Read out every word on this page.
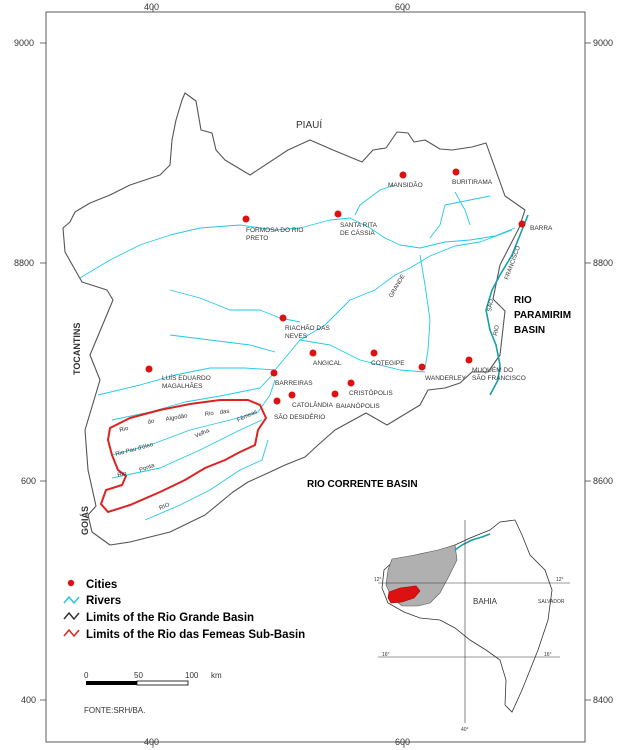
400	600
400	600
9000
8800
600
400
9000
8800
8600
8400
PIAUÍ
TOCANTINS
GOIÁS
RIO
PARAMIRIM
BASIN
RIO CORRENTE BASIN
GRANDE
FRANCISCO
SÃO
RIO
Rio
do Algodão	Rio das Fêmeas
Rio Pau d'óleo
Velha
Rio
Ponta
RIO
MANSIDÃO	BURITIRAMA
FORMOSA DO RIO
PRETO
SANTA RITA
DE CÁSSIA
BARRA
RIACHÃO DAS
NEVES
ANGICAL	COTEGIPE
LUÍS EDUARDO
MAGALHÃES	BARREIRAS
WANDERLEY
MUQUÉM DO
SÃO FRANCISCO
CRISTÓPOLIS
CATOLÂNDIA BAIANÓPOLIS
SÃO DESIDÉRIO
BAHIA	SALVADOR
12°	12°
16°	16°
40°
Cities
Rivers
Limits of the Rio Grande Basin
Limits of the Rio das Femeas Sub-Basin
0	50	100 km
FONTE:SRH/BA.
